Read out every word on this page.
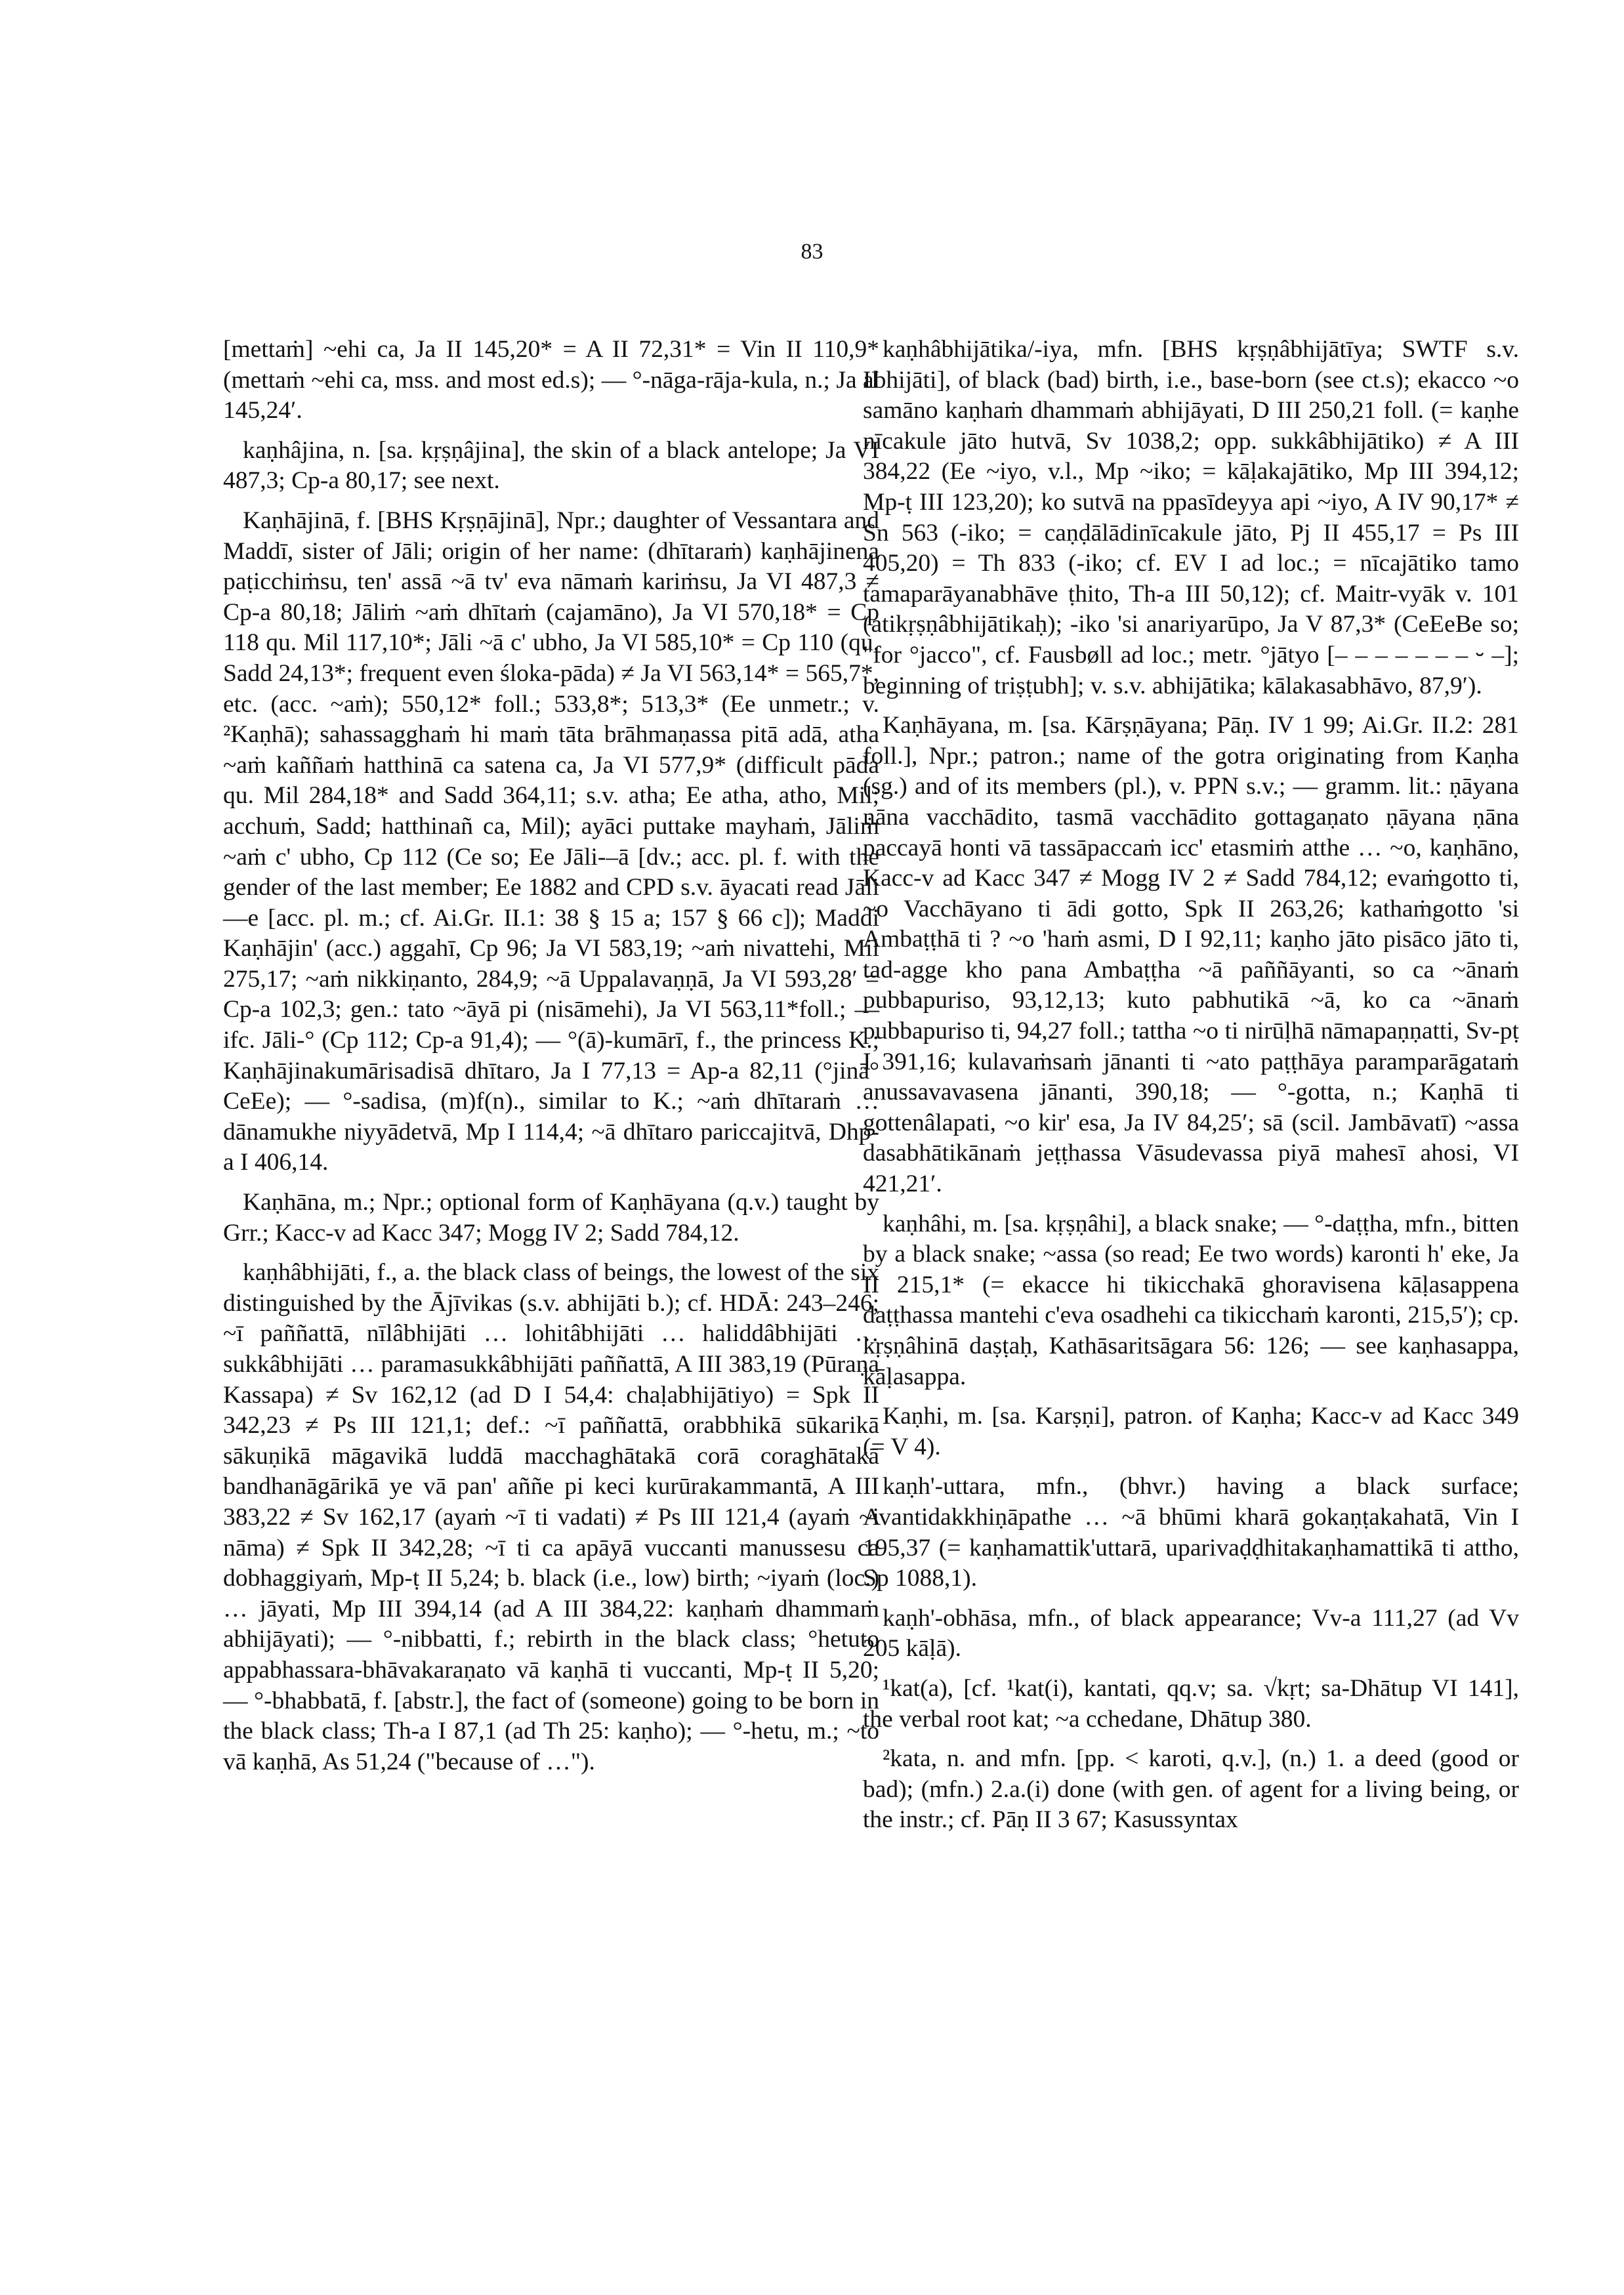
83

[mettaṁ] ~ehi ca, Ja II 145,20* = A II 72,31* = Vin II 110,9* (mettaṁ ~ehi ca, mss. and most ed.s); — °-nāga-rāja-kula, n.; Ja II 145,24′.

kaṇhâjina, n. [sa. kṛṣṇâjina], the skin of a black antelope; Ja VI 487,3; Cp-a 80,17; see next.

Kaṇhājinā, f. [BHS Kṛṣṇājinā], Npr.; daughter of Vessantara and Maddī, sister of Jāli; origin of her name: (dhītaraṁ) kaṇhājinena paṭicchiṁsu, ten' assā ~ā tv' eva nāmaṁ kariṁsu, Ja VI 487,3 ≠ Cp-a 80,18; Jāliṁ ~aṁ dhītaṁ (cajamāno), Ja VI 570,18* = Cp 118 qu. Mil 117,10*; Jāli ~ā c' ubho, Ja VI 585,10* = Cp 110 (qu. Sadd 24,13*; frequent even śloka-pāda) ≠ Ja VI 563,14* = 565,7*, etc. (acc. ~aṁ); 550,12* foll.; 533,8*; 513,3* (Ee unmetr.; v. ²Kaṇhā); sahassagghaṁ hi maṁ tāta brāhmaṇassa pitā adā, atha ~aṁ kaññaṁ hatthinā ca satena ca, Ja VI 577,9* (difficult pāda qu. Mil 284,18* and Sadd 364,11; s.v. atha; Ee atha, atho, Mil; acchuṁ, Sadd; hatthinañ ca, Mil); ayāci puttake mayhaṁ, Jāliṁ ~aṁ c' ubho, Cp 112 (Ce so; Ee Jāli-–ā [dv.; acc. pl. f. with the gender of the last member; Ee 1882 and CPD s.v. āyacati read Jāli—e [acc. pl. m.; cf. Ai.Gr. II.1: 38 § 15 a; 157 § 66 c]); Maddi Kaṇhājin' (acc.) aggahī, Cp 96; Ja VI 583,19; ~aṁ nivattehi, Mil 275,17; ~aṁ nikkiṇanto, 284,9; ~ā Uppalavaṇṇā, Ja VI 593,28′ = Cp-a 102,3; gen.: tato ~āyā pi (nisāmehi), Ja VI 563,11*foll.; — ifc. Jāli-° (Cp 112; Cp-a 91,4); — °(ā)-kumārī, f., the princess K.; Kaṇhājinakumārisadisā dhītaro, Ja I 77,13 = Ap-a 82,11 (°jinā° CeEe); — °-sadisa, (m)f(n)., similar to K.; ~aṁ dhītaraṁ … dānamukhe niyyādetvā, Mp I 114,4; ~ā dhītaro pariccajitvā, Dhp-a I 406,14.

Kaṇhāna, m.; Npr.; optional form of Kaṇhāyana (q.v.) taught by Grr.; Kacc-v ad Kacc 347; Mogg IV 2; Sadd 784,12.

kaṇhâbhijāti, f., a. the black class of beings, the lowest of the six distinguished by the Ājīvikas (s.v. abhijāti b.); cf. HDĀ: 243–246; ~ī paññattā, nīlâbhijāti … lohitâbhijāti … haliddâbhijāti … sukkâbhijāti … paramasukkâbhijāti paññattā, A III 383,19 (Pūraṇa Kassapa) ≠ Sv 162,12 (ad D I 54,4: chaḷabhijātiyo) = Spk II 342,23 ≠ Ps III 121,1; def.: ~ī paññattā, orabbhikā sūkarikā sākuṇikā māgavikā luddā macchaghātakā corā coraghātakā bandhanāgārikā ye vā pan' aññe pi keci kurūrakammantā, A III 383,22 ≠ Sv 162,17 (ayaṁ ~ī ti vadati) ≠ Ps III 121,4 (ayaṁ ~i nāma) ≠ Spk II 342,28; ~ī ti ca apāyā vuccanti manussesu ca dobhaggiyaṁ, Mp-ṭ II 5,24; b. black (i.e., low) birth; ~iyaṁ (loc.) … jāyati, Mp III 394,14 (ad A III 384,22: kaṇhaṁ dhammaṁ abhijāyati); — °-nibbatti, f.; rebirth in the black class; °hetuto appabhassara-bhāvakaraṇato vā kaṇhā ti vuccanti, Mp-ṭ II 5,20; — °-bhabbatā, f. [abstr.], the fact of (someone) going to be born in the black class; Th-a I 87,1 (ad Th 25: kaṇho); — °-hetu, m.; ~to vā kaṇhā, As 51,24 ("because of …").

kaṇhâbhijātika/-iya, mfn. [BHS kṛṣṇâbhijātīya; SWTF s.v. abhijāti], of black (bad) birth, i.e., base-born (see ct.s); ekacco ~o samāno kaṇhaṁ dhammaṁ abhijāyati, D III 250,21 foll. (= kaṇhe nīcakule jāto hutvā, Sv 1038,2; opp. sukkâbhijātiko) ≠ A III 384,22 (Ee ~iyo, v.l., Mp ~iko; = kāḷakajātiko, Mp III 394,12; Mp-ṭ III 123,20); ko sutvā na ppasīdeyya api ~iyo, A IV 90,17* ≠ Sn 563 (-iko; = caṇḍālādinīcakule jāto, Pj II 455,17 = Ps III 405,20) = Th 833 (-iko; cf. EV I ad loc.; = nīcajātiko tamo tamaparāyanabhāve ṭhito, Th-a III 50,12); cf. Maitr-vyāk v. 101 (atikṛṣṇâbhijātikaḥ); -iko 'si anariyarūpo, Ja V 87,3* (CeEeBe so; "for °jacco", cf. Fausbøll ad loc.; metr. °jātyo [– – – – – – – ⏑ –]; beginning of triṣṭubh]; v. s.v. abhijātika; kālakasabhāvo, 87,9′).

Kaṇhāyana, m. [sa. Kārṣṇāyana; Pāṇ. IV 1 99; Ai.Gr. II.2: 281 foll.], Npr.; patron.; name of the gotra originating from Kaṇha (sg.) and of its members (pl.), v. PPN s.v.; — gramm. lit.: ṇāyana ṇāna vacchādito, tasmā vacchādito gottagaṇato ṇāyana ṇāna paccayā honti vā tassāpaccaṁ icc' etasmiṁ atthe … ~o, kaṇhāno, Kacc-v ad Kacc 347 ≠ Mogg IV 2 ≠ Sadd 784,12; evaṁgotto ti, ~o Vacchāyano ti ādi gotto, Spk II 263,26; kathaṁgotto 'si Ambaṭṭhā ti ? ~o 'haṁ asmi, D I 92,11; kaṇho jāto pisāco jāto ti, tad-agge kho pana Ambaṭṭha ~ā paññāyanti, so ca ~ānaṁ pubbapuriso, 93,12,13; kuto pabhutikā ~ā, ko ca ~ānaṁ pubbapuriso ti, 94,27 foll.; tattha ~o ti nirūḷhā nāmapaṇṇatti, Sv-pṭ I 391,16; kulavaṁsaṁ jānanti ti ~ato paṭṭhāya paramparāgataṁ anussavavasena jānanti, 390,18; — °-gotta, n.; Kaṇhā ti gottenâlapati, ~o kir' esa, Ja IV 84,25′; sā (scil. Jambāvatī) ~assa dasabhātikānaṁ jeṭṭhassa Vāsudevassa piyā mahesī ahosi, VI 421,21′.

kaṇhâhi, m. [sa. kṛṣṇâhi], a black snake; — °-daṭṭha, mfn., bitten by a black snake; ~assa (so read; Ee two words) karonti h' eke, Ja II 215,1* (= ekacce hi tikicchakā ghoravisena kāḷasappena daṭṭhassa mantehi c'eva osadhehi ca tikicchaṁ karonti, 215,5′); cp. kṛṣṇâhinā daṣṭaḥ, Kathāsaritsāgara 56: 126; — see kaṇhasappa, kāḷasappa.

Kaṇhi, m. [sa. Karṣṇi], patron. of Kaṇha; Kacc-v ad Kacc 349 (= V 4).

kaṇh'-uttara, mfn., (bhvr.) having a black surface; Avantidakkhiṇāpathe … ~ā bhūmi kharā gokaṇṭakahatā, Vin I 195,37 (= kaṇhamattik'uttarā, uparivaḍḍhitakaṇhamattikā ti attho, Sp 1088,1).

kaṇh'-obhāsa, mfn., of black appearance; Vv-a 111,27 (ad Vv 205 kāḷā).

¹kat(a), [cf. ¹kat(i), kantati, qq.v; sa. √kṛt; sa-Dhātup VI 141], the verbal root kat; ~a cchedane, Dhātup 380.

²kata, n. and mfn. [pp. < karoti, q.v.], (n.) 1. a deed (good or bad); (mfn.) 2.a.(i) done (with gen. of agent for a living being, or the instr.; cf. Pāṇ II 3 67; Kasussyntax
